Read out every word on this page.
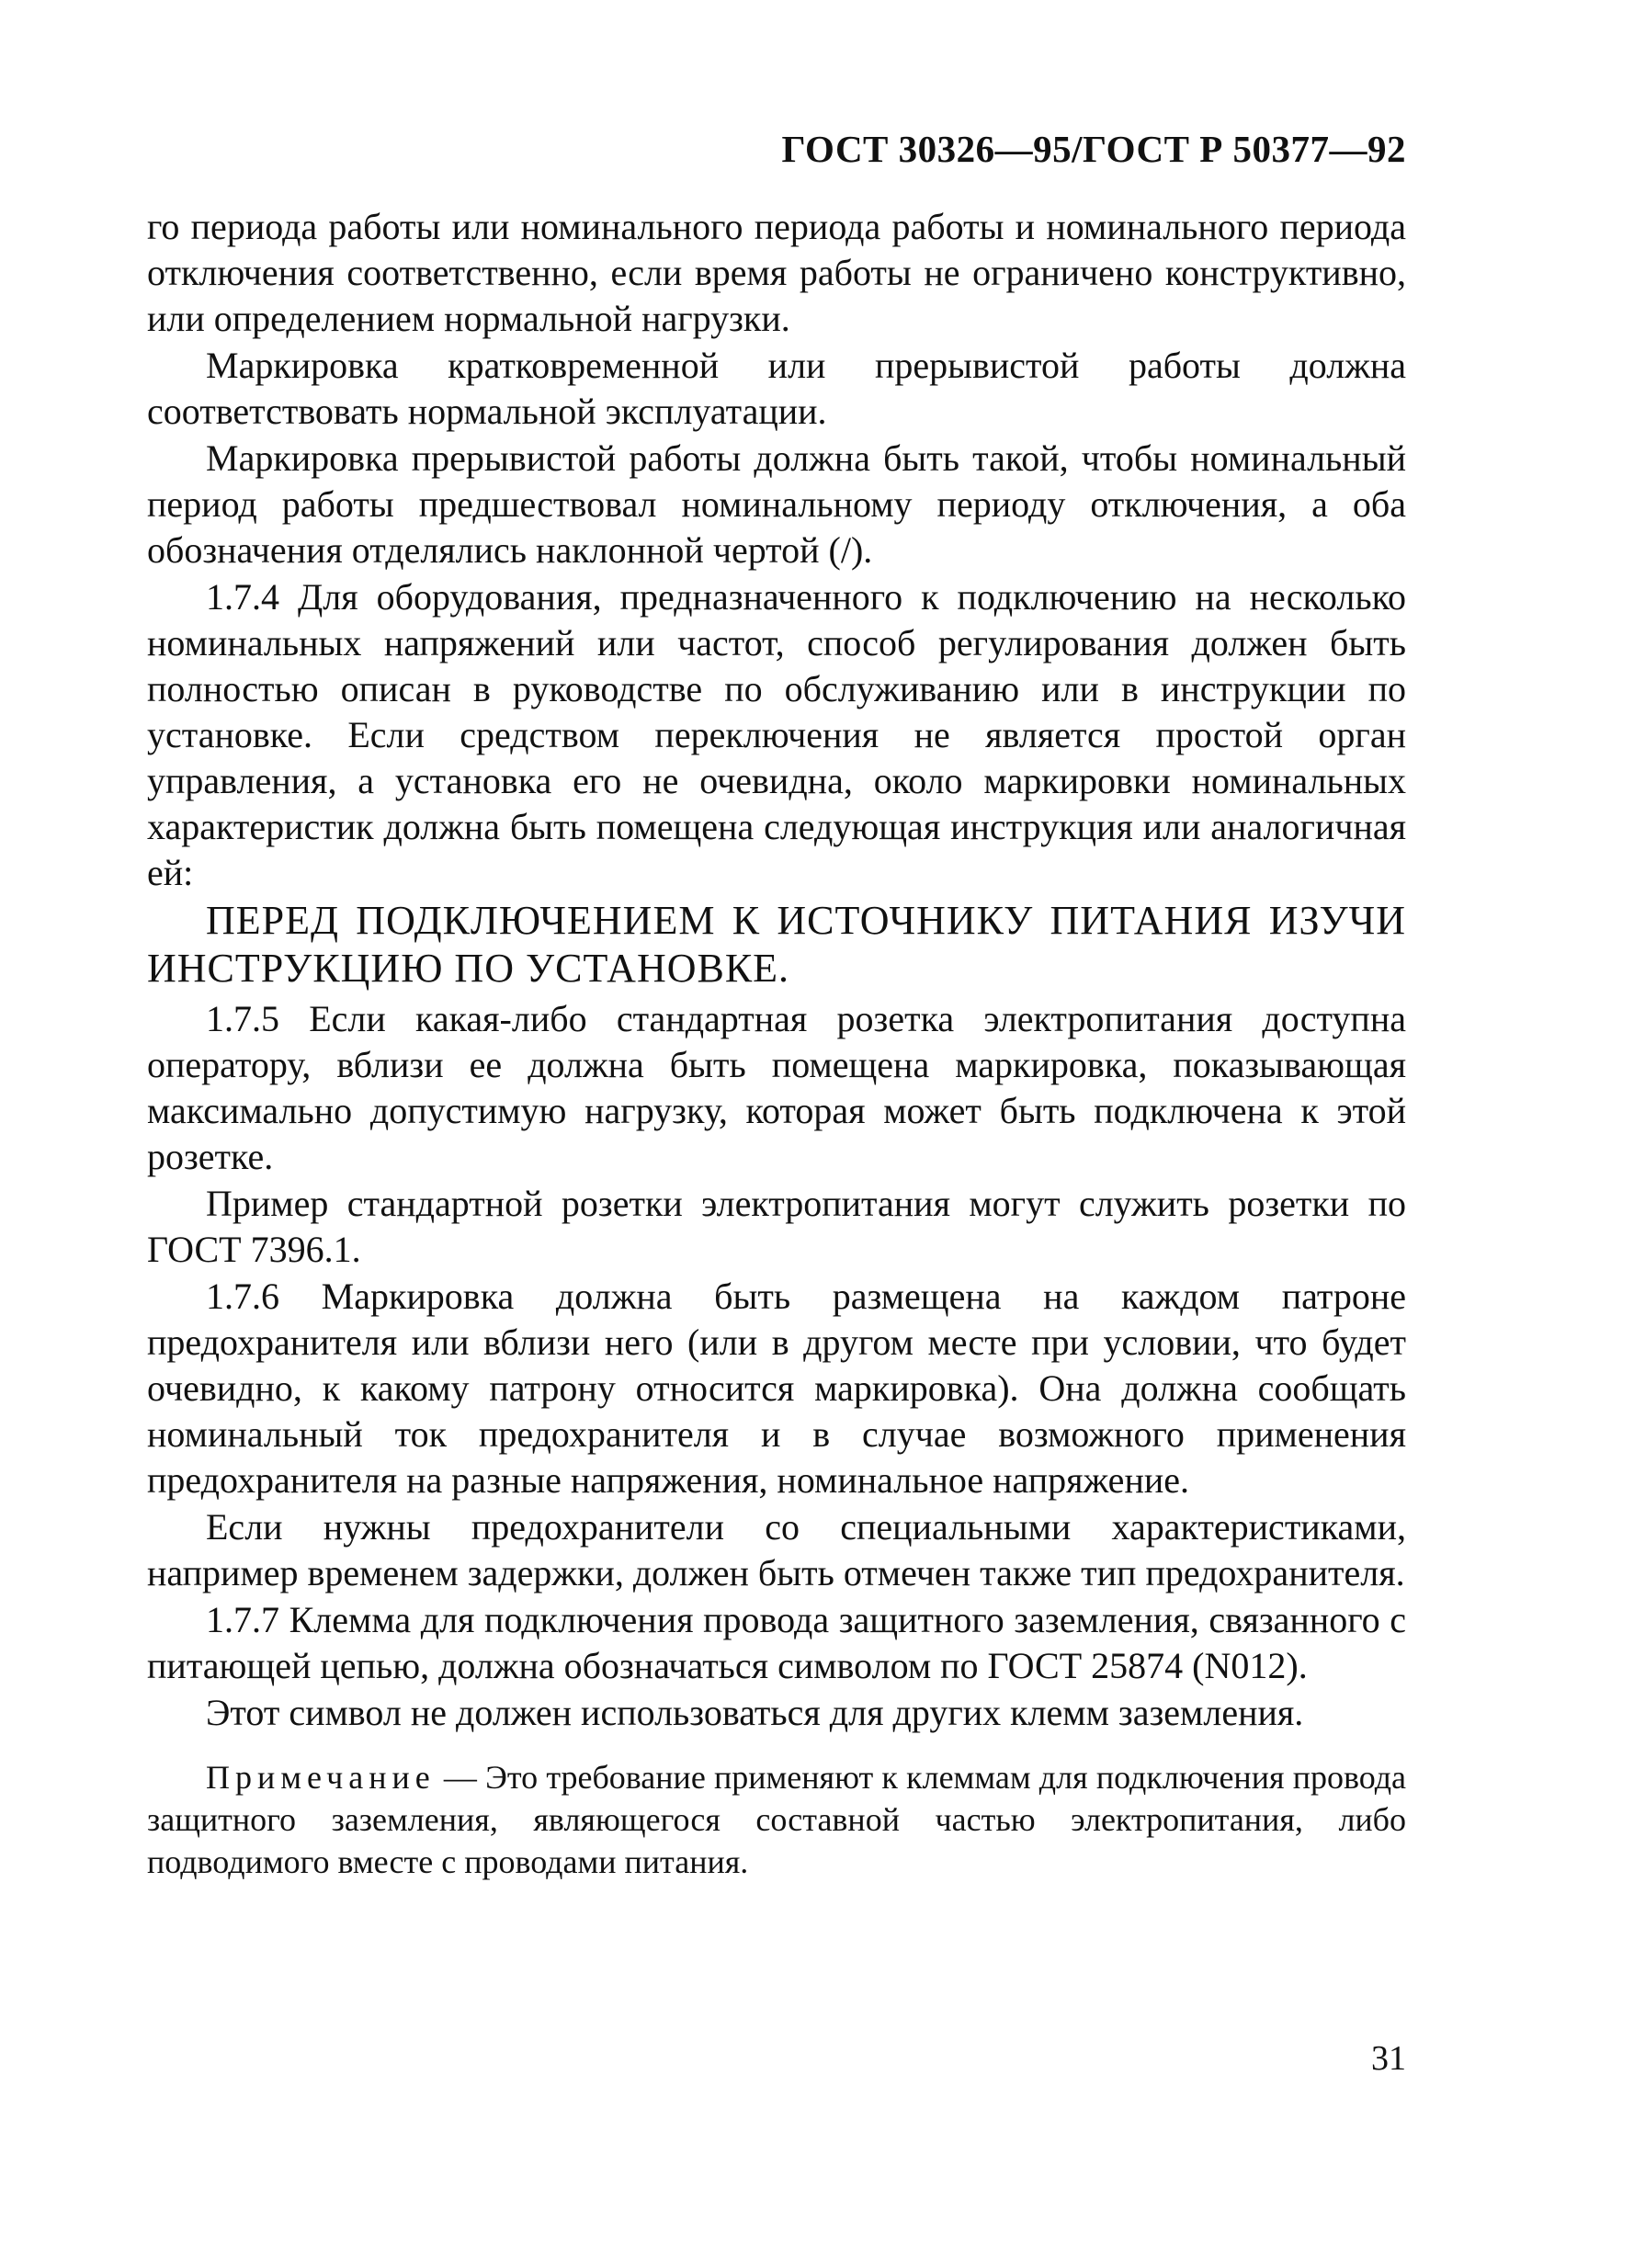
ГОСТ 30326—95/ГОСТ Р 50377—92

го периода работы или номинального периода работы и номинального периода отключения соответственно, если время работы не ограничено конструктивно, или определением нормальной нагрузки.

Маркировка кратковременной или прерывистой работы должна соответствовать нормальной эксплуатации.

Маркировка прерывистой работы должна быть такой, чтобы номинальный период работы предшествовал номинальному периоду отключения, а оба обозначения отделялись наклонной чертой (/).

1.7.4 Для оборудования, предназначенного к подключению на несколько номинальных напряжений или частот, способ регулирования должен быть полностью описан в руководстве по обслуживанию или в инструкции по установке. Если средством переключения не является простой орган управления, а установка его не очевидна, около маркировки номинальных характеристик должна быть помещена следующая инструкция или аналогичная ей:

ПЕРЕД ПОДКЛЮЧЕНИЕМ К ИСТОЧНИКУ ПИТАНИЯ ИЗУЧИ ИНСТРУКЦИЮ ПО УСТАНОВКЕ.

1.7.5 Если какая-либо стандартная розетка электропитания доступна оператору, вблизи ее должна быть помещена маркировка, показывающая максимально допустимую нагрузку, которая может быть подключена к этой розетке.

Пример стандартной розетки электропитания могут служить розетки по ГОСТ 7396.1.

1.7.6 Маркировка должна быть размещена на каждом патроне предохранителя или вблизи него (или в другом месте при условии, что будет очевидно, к какому патрону относится маркировка). Она должна сообщать номинальный ток предохранителя и в случае возможного применения предохранителя на разные напряжения, номинальное напряжение.

Если нужны предохранители со специальными характеристиками, например временем задержки, должен быть отмечен также тип предохранителя.

1.7.7 Клемма для подключения провода защитного заземления, связанного с питающей цепью, должна обозначаться символом по ГОСТ 25874 (N012).

Этот символ не должен использоваться для других клемм заземления.

Примечание — Это требование применяют к клеммам для подключения провода защитного заземления, являющегося составной частью электропитания, либо подводимого вместе с проводами питания.

31
